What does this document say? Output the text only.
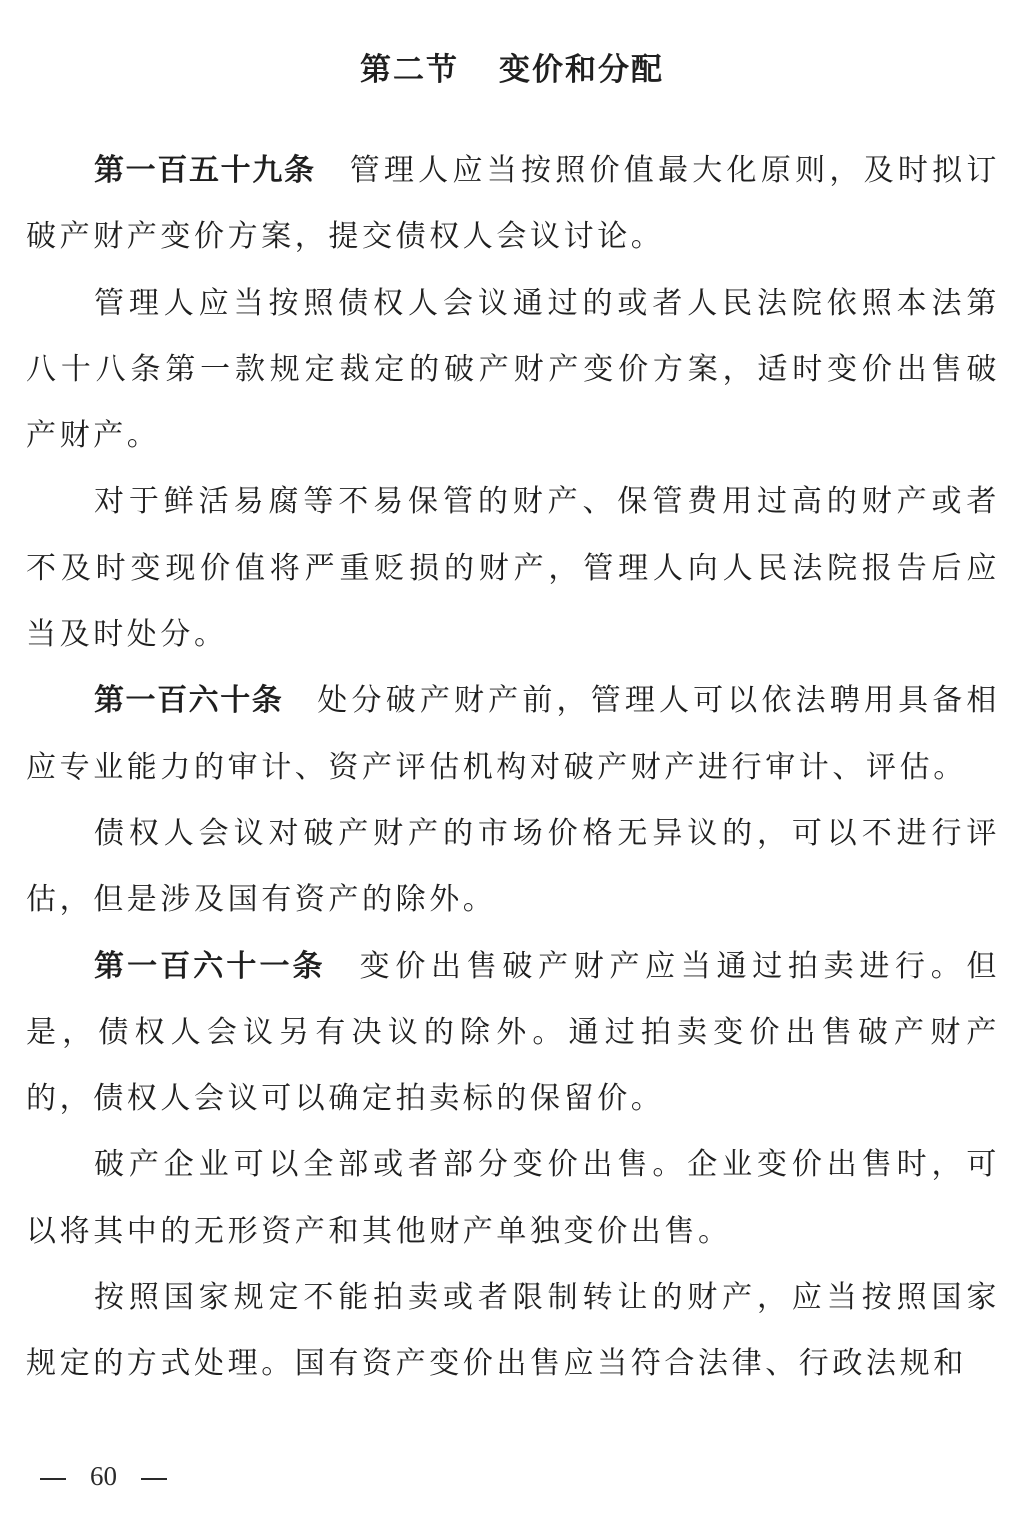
第二节 变价和分配

第一百五十九条 管理人应当按照价值最大化原则，及时拟订破产财产变价方案，提交债权人会议讨论。

管理人应当按照债权人会议通过的或者人民法院依照本法第八十八条第一款规定裁定的破产财产变价方案，适时变价出售破产财产。

对于鲜活易腐等不易保管的财产、保管费用过高的财产或者不及时变现价值将严重贬损的财产，管理人向人民法院报告后应当及时处分。

第一百六十条 处分破产财产前，管理人可以依法聘用具备相应专业能力的审计、资产评估机构对破产财产进行审计、评估。

债权人会议对破产财产的市场价格无异议的，可以不进行评估，但是涉及国有资产的除外。

第一百六十一条 变价出售破产财产应当通过拍卖进行。但是，债权人会议另有决议的除外。通过拍卖变价出售破产财产的，债权人会议可以确定拍卖标的保留价。

破产企业可以全部或者部分变价出售。企业变价出售时，可以将其中的无形资产和其他财产单独变价出售。

按照国家规定不能拍卖或者限制转让的财产，应当按照国家规定的方式处理。国有资产变价出售应当符合法律、行政法规和

60
